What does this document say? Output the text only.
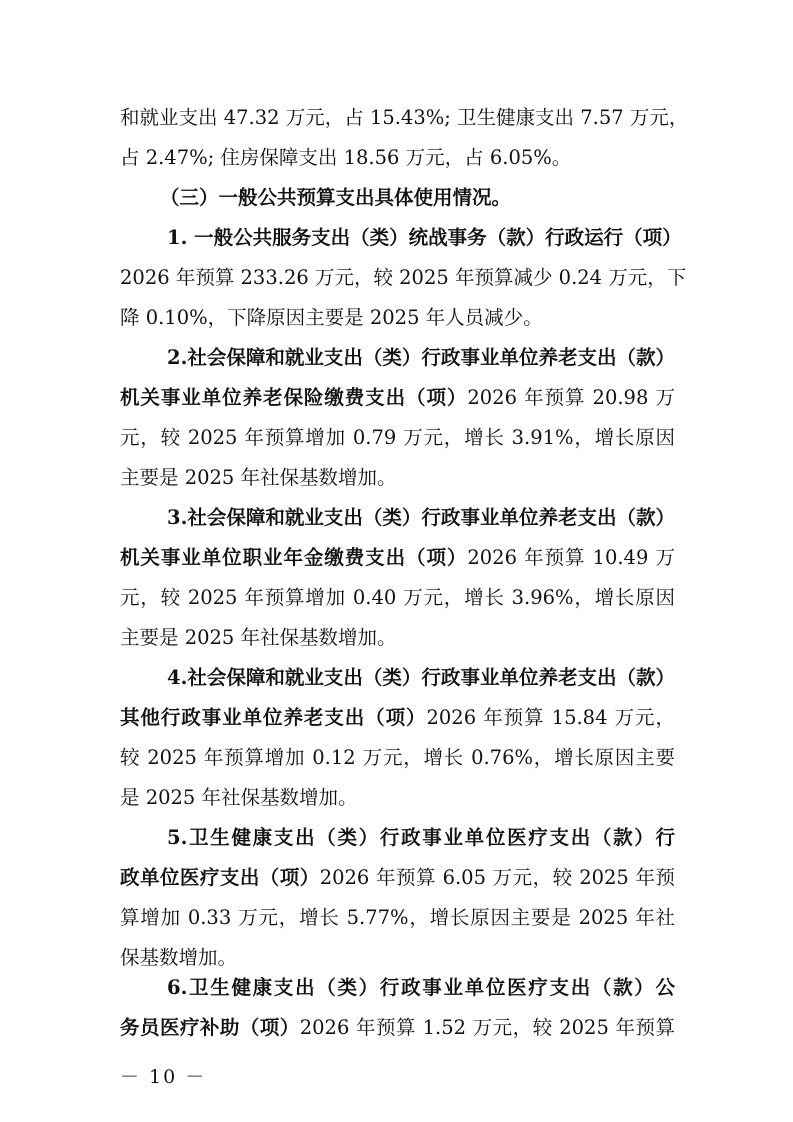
和就业支出 47.32 万元，占 15.43%; 卫生健康支出 7.57 万元，
占 2.47%; 住房保障支出 18.56 万元，占 6.05%。
（三）一般公共预算支出具体使用情况。
1. 一般公共服务支出（类）统战事务（款）行政运行（项）
2026 年预算 233.26 万元，较 2025 年预算减少 0.24 万元，下
降 0.10%，下降原因主要是 2025 年人员减少。
2.社会保障和就业支出（类）行政事业单位养老支出（款）
机关事业单位养老保险缴费支出（项）2026 年预算 20.98 万
元，较 2025 年预算增加 0.79 万元，增长 3.91%，增长原因
主要是 2025 年社保基数增加。
3.社会保障和就业支出（类）行政事业单位养老支出（款）
机关事业单位职业年金缴费支出（项）2026 年预算 10.49 万
元，较 2025 年预算增加 0.40 万元，增长 3.96%，增长原因
主要是 2025 年社保基数增加。
4.社会保障和就业支出（类）行政事业单位养老支出（款）
其他行政事业单位养老支出（项）2026 年预算 15.84 万元，
较 2025 年预算增加 0.12 万元，增长 0.76%，增长原因主要
是 2025 年社保基数增加。
5.卫生健康支出（类）行政事业单位医疗支出（款）行
政单位医疗支出（项）2026 年预算 6.05 万元，较 2025 年预
算增加 0.33 万元，增长 5.77%，增长原因主要是 2025 年社
保基数增加。
6.卫生健康支出（类）行政事业单位医疗支出（款）公
务员医疗补助（项）2026 年预算 1.52 万元，较 2025 年预算
－ 10 －
